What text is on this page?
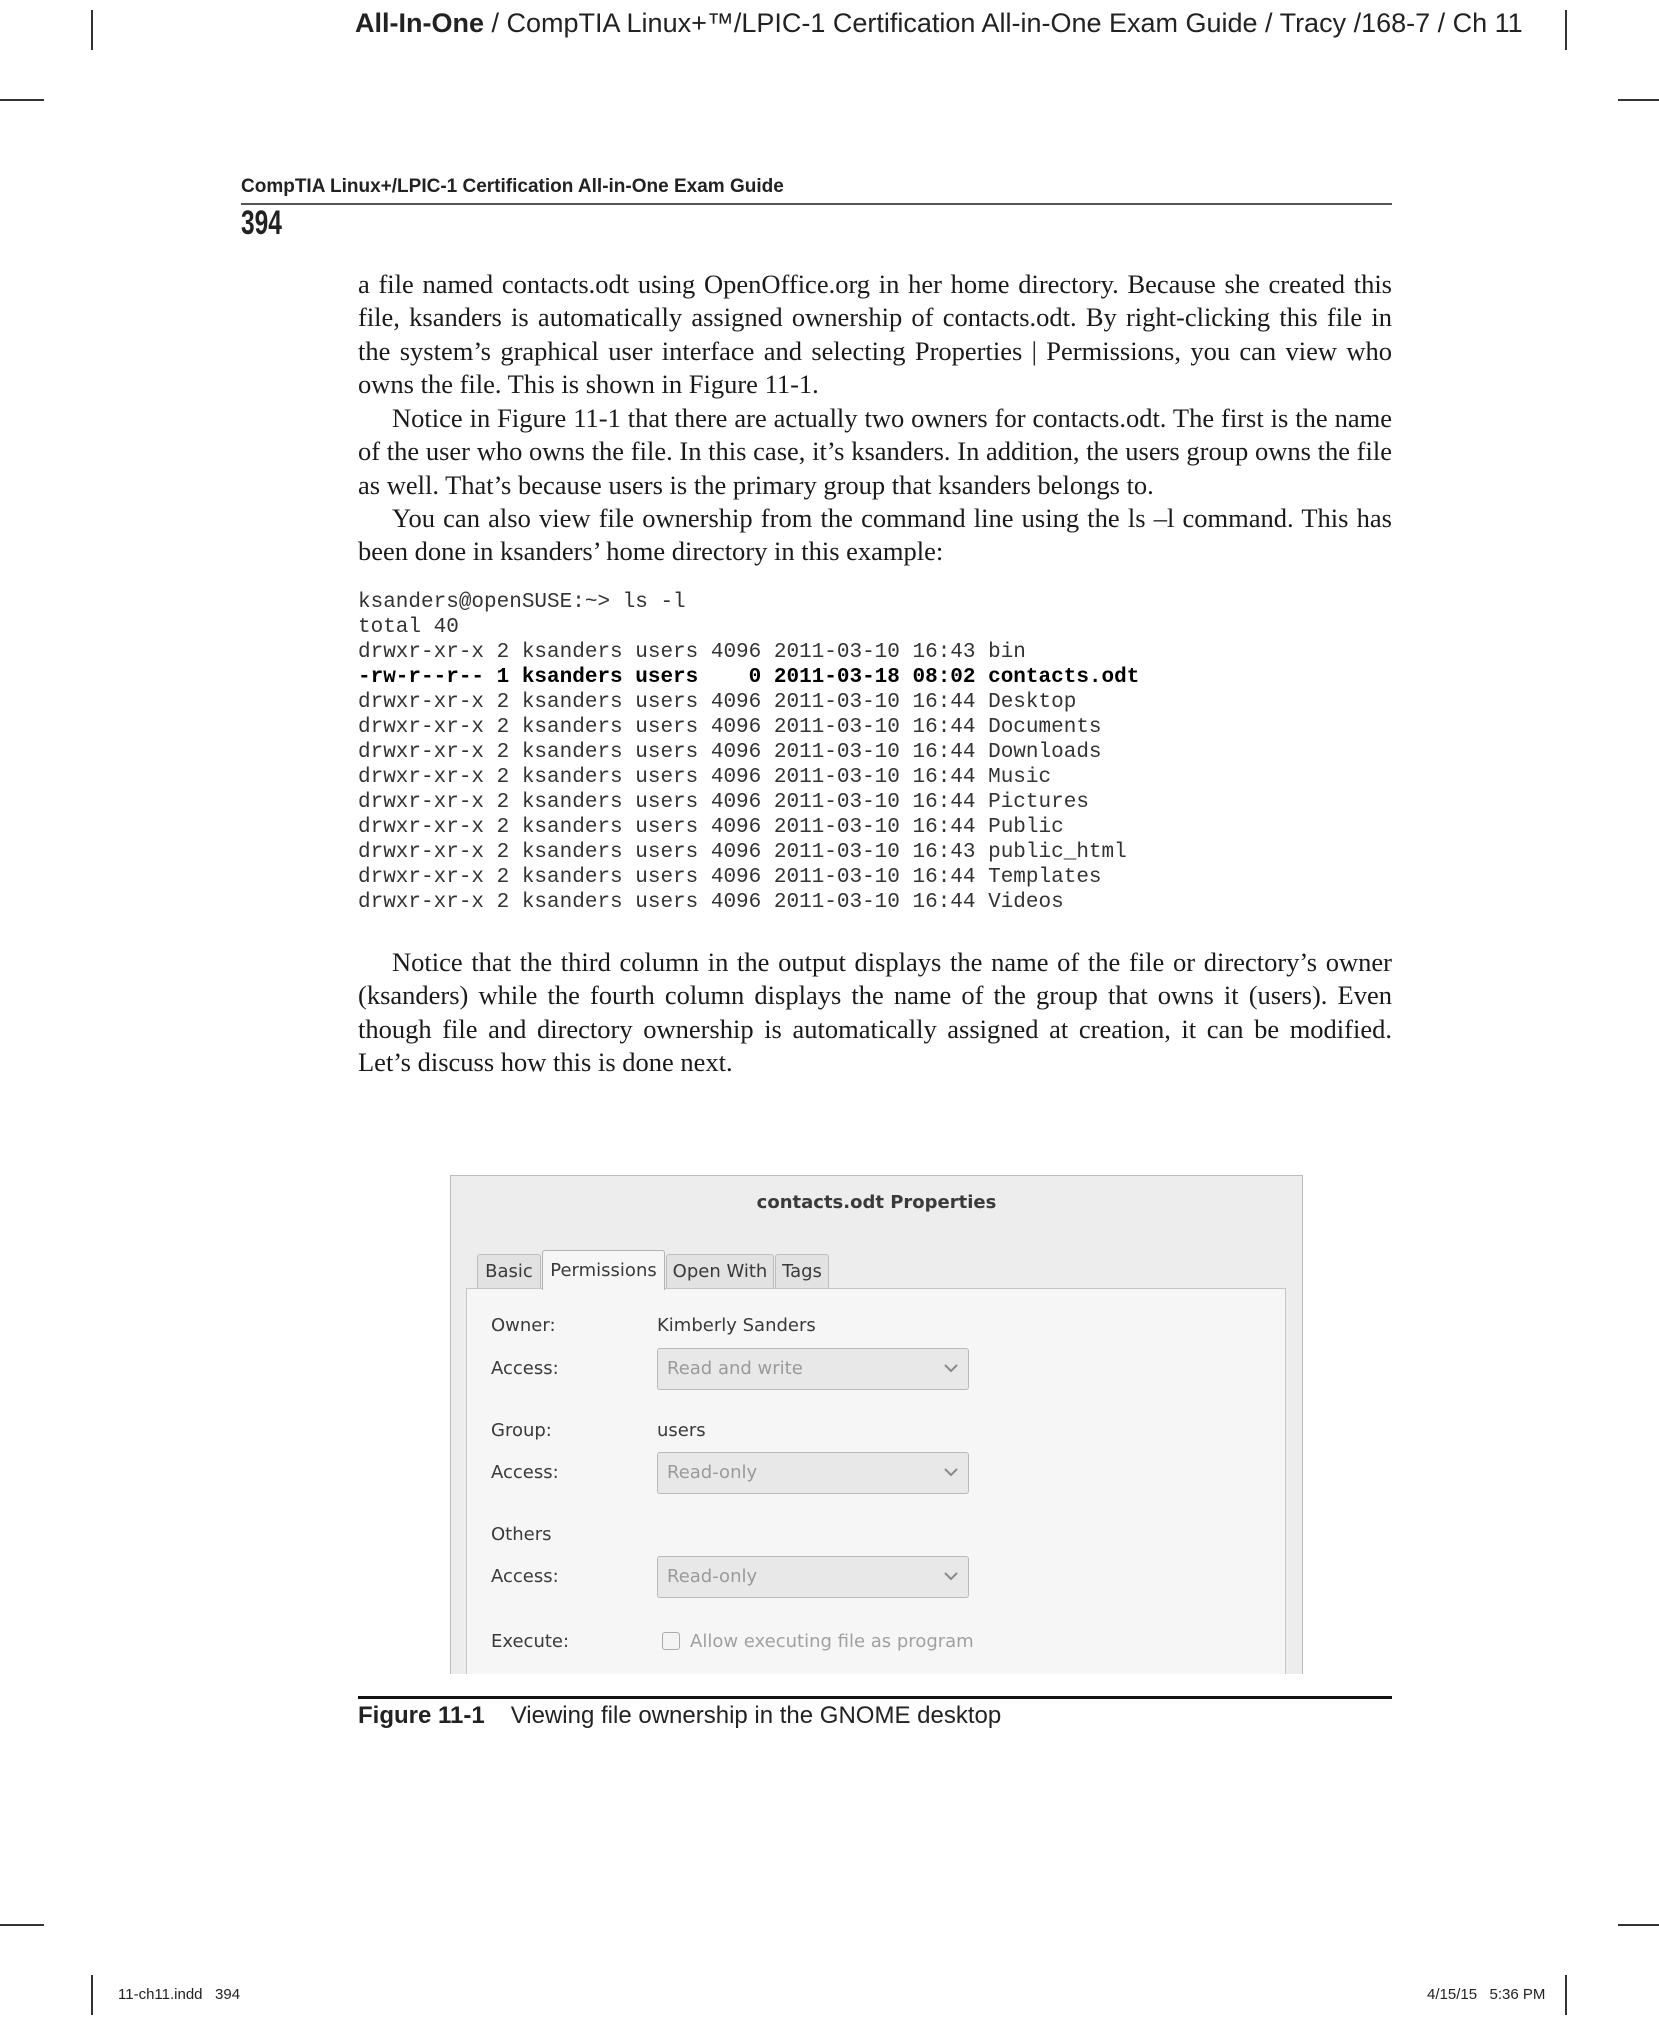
All-In-One / CompTIA Linux+™/LPIC-1 Certification All-in-One Exam Guide / Tracy /168-7 / Ch 11
CompTIA Linux+/LPIC-1 Certification All-in-One Exam Guide
394
a file named contacts.odt using OpenOffice.org in her home directory. Because she created this file, ksanders is automatically assigned ownership of contacts.odt. By right-clicking this file in the system’s graphical user interface and selecting Properties | Permissions, you can view who owns the file. This is shown in Figure 11-1.
Notice in Figure 11-1 that there are actually two owners for contacts.odt. The first is the name of the user who owns the file. In this case, it’s ksanders. In addition, the users group owns the file as well. That’s because users is the primary group that ksanders belongs to.
You can also view file ownership from the command line using the ls –l command. This has been done in ksanders’ home directory in this example:
ksanders@openSUSE:~> ls -l
total 40
drwxr-xr-x 2 ksanders users 4096 2011-03-10 16:43 bin
-rw-r--r-- 1 ksanders users    0 2011-03-18 08:02 contacts.odt
drwxr-xr-x 2 ksanders users 4096 2011-03-10 16:44 Desktop
drwxr-xr-x 2 ksanders users 4096 2011-03-10 16:44 Documents
drwxr-xr-x 2 ksanders users 4096 2011-03-10 16:44 Downloads
drwxr-xr-x 2 ksanders users 4096 2011-03-10 16:44 Music
drwxr-xr-x 2 ksanders users 4096 2011-03-10 16:44 Pictures
drwxr-xr-x 2 ksanders users 4096 2011-03-10 16:44 Public
drwxr-xr-x 2 ksanders users 4096 2011-03-10 16:43 public_html
drwxr-xr-x 2 ksanders users 4096 2011-03-10 16:44 Templates
drwxr-xr-x 2 ksanders users 4096 2011-03-10 16:44 Videos
Notice that the third column in the output displays the name of the file or directory’s owner (ksanders) while the fourth column displays the name of the group that owns it (users). Even though file and directory ownership is automatically assigned at creation, it can be modified. Let’s discuss how this is done next.
contacts.odt Properties
Basic Permissions Open With Tags
Owner:	Kimberly Sanders
Access:	Read and write
Group:	users
Access:	Read-only
Others
Access:	Read-only
Execute:	Allow executing file as program
Figure 11-1 Viewing file ownership in the GNOME desktop
11-ch11.indd   394	4/15/15   5:36 PM
